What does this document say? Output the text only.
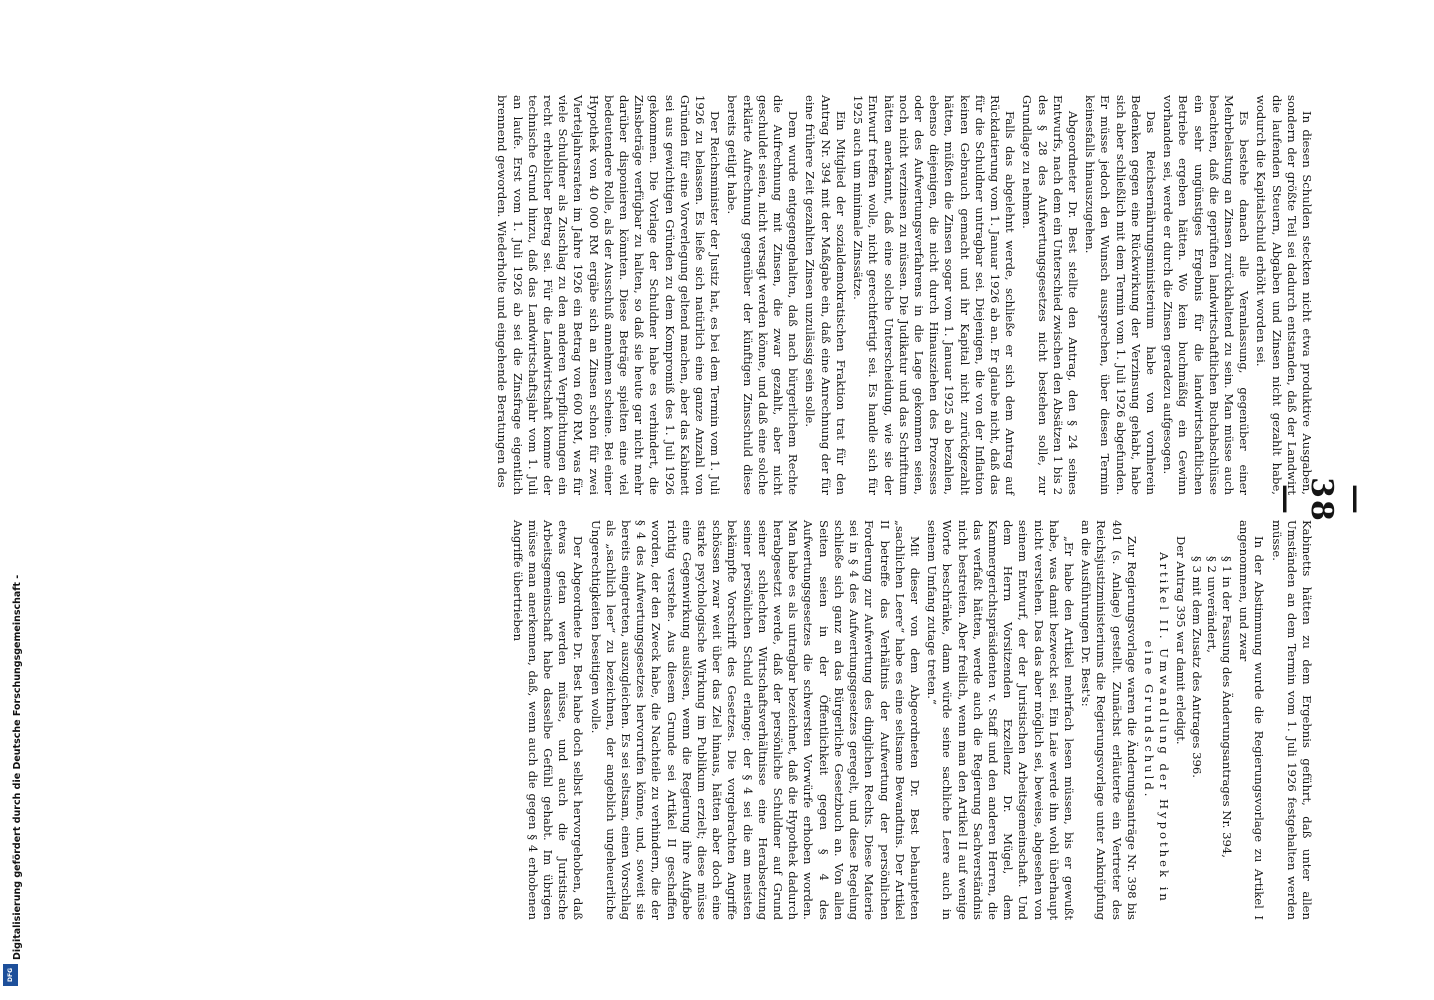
— 38 —

In diesen Schulden steckten nicht etwa produktive Ausgaben, sondern der größte Teil sei dadurch entstanden, daß der Landwirt die laufenden Steuern, Abgaben und Zinsen nicht gezahlt habe, wodurch die Kapitalschuld erhöht worden sei.

Es bestehe danach alle Veranlassung, gegenüber einer Mehrbelastung an Zinsen zurückhaltend zu sein. Man müsse auch beachten, daß die geprüften landwirtschaftlichen Buchabschlüsse ein sehr ungünstiges Ergebnis für die landwirtschaftlichen Betriebe ergeben hätten. Wo kein buchmäßig ein Gewinn vorhanden sei, werde er durch die Zinsen geradezu aufgesogen.

Das Reichsernährungsministerium habe von vornherein Bedenken gegen eine Rückwirkung der Verzinsung gehabt, habe sich aber schließlich mit dem Termin vom 1. Juli 1926 abgefunden. Er müsse jedoch den Wunsch aussprechen, über diesen Termin keinesfalls hinauszugehen.

Abgeordneter Dr. Best stellte den Antrag, den § 24 seines Entwurfs, nach dem ein Unterschied zwischen den Absätzen 1 bis 2 des § 28 des Aufwertungsgesetzes nicht bestehen solle, zur Grundlage zu nehmen.

Falls das abgelehnt werde, schließe er sich dem Antrag auf Rückdatierung vom 1. Januar 1926 ab an. Er glaube nicht, daß das für die Schuldner untragbar sei. Diejenigen, die von der Inflation keinen Gebrauch gemacht und ihr Kapital nicht zurückgezahlt hätten, müßten die Zinsen sogar vom 1. Januar 1925 ab bezahlen, ebenso diejenigen, die nicht durch Hinausziehen des Prozesses oder des Aufwertungsverfahrens in die Lage gekommen seien, noch nicht verzinsen zu müssen. Die Judikatur und das Schrifttum hätten anerkannt, daß eine solche Unterscheidung, wie sie der Entwurf treffen wolle, nicht gerechtfertigt sei. Es handle sich für 1925 auch um minimale Zinssätze.

Ein Mitglied der sozialdemokratischen Fraktion trat für den Antrag Nr. 394 mit der Maßgabe ein, daß eine Anrechnung der für eine frühere Zeit gezahlten Zinsen unzulässig sein solle.

Dem wurde entgegengehalten, daß nach bürgerlichem Rechte die Aufrechnung mit Zinsen, die zwar gezahlt, aber nicht geschuldet seien, nicht versagt werden könne, und daß eine solche erklärte Aufrechnung gegenüber der künftigen Zinsschuld diese bereits getilgt habe.

Der Reichsminister der Justiz hat, es bei dem Termin vom 1. Juli 1926 zu belassen. Es ließe sich natürlich eine ganze Anzahl von Gründen für eine Vorverlegung geltend machen, aber das Kabinett sei aus gewichtigen Gründen zu dem Kompromiß des 1. Juli 1926 gekommen. Die Vorlage der Schuldner habe es verhindert, die Zinsbeträge verfügbar zu halten, so daß sie heute gar nicht mehr darüber disponieren könnten. Diese Beträge spielten eine viel bedeutendere Rolle, als der Ausschuß annehmen scheine. Bei einer Hypothek von 40 000 RM ergäbe sich an Zinsen schon für zwei Vierteljahresraten im Jahre 1926 ein Betrag von 600 RM, was für viele Schuldner als Zuschlag zu den anderen Verpflichtungen ein recht erheblicher Betrag sei. Für die Landwirtschaft komme der technische Grund hinzu, daß das Landwirtschaftsjahr vom 1. Juli an laufe. Erst vom 1. Juli 1926 ab sei die Zinsfrage eigentlich brennend geworden. Wiederholte und eingehende Beratungen des

Kabinetts hätten zu dem Ergebnis geführt, daß unter allen Umständen an dem Termin vom 1. Juli 1926 festgehalten werden müsse.

In der Abstimmung wurde die Regierungsvorlage zu Artikel I angenommen, und zwar

§ 1 in der Fassung des Änderungsantrages Nr. 394,

§ 2 unverändert,

§ 3 mit dem Zusatz des Antrages 396.

Der Antrag 395 war damit erledigt.

Artikel II. Umwandlung der Hypothek in eine Grundschuld.

Zur Regierungsvorlage waren die Änderungsanträge Nr. 398 bis 401 (s. Anlage) gestellt. Zunächst erläuterte ein Vertreter des Reichsjustizministeriums die Regierungsvorlage unter Anknüpfung an die Ausführungen Dr. Best's:

„Er habe den Artikel mehrfach lesen müssen, bis er gewußt habe, was damit bezweckt sei. Ein Laie werde ihn wohl überhaupt nicht verstehen. Das das aber möglich sei, beweise, abgesehen von seinem Entwurf, der der Juristischen Arbeitsgemeinschaft. Und dem Herrn Vorsitzenden Exzellenz Dr. Mügel, dem Kammergerichtspräsidenten v. Staff und den anderen Herren, die das verfaßt hätten, werde auch die Regierung Sachverständnis nicht bestreiten. Aber freilich, wenn man den Artikel II auf wenige Worte beschränke, dann würde seine sachliche Leere auch in seinem Umfang zutage treten.“

Mit dieser von dem Abgeordneten Dr. Best behaupteten „sachlichen Leere“ habe es eine seltsame Bewandtnis. Der Artikel II betreffe das Verhältnis der Aufwertung der persönlichen Forderung zur Aufwertung des dinglichen Rechts. Diese Materie sei in § 4 des Aufwertungsgesetzes geregelt, und diese Regelung schließe sich ganz an das Bürgerliche Gesetzbuch an. Von allen Seiten seien in der Öffentlichkeit gegen § 4 des Aufwertungsgesetzes die schwersten Vorwürfe erhoben worden. Man habe es als untragbar bezeichnet, daß die Hypothek dadurch herabgesetzt werde, daß der persönliche Schuldner auf Grund seiner schlechten Wirtschaftsverhältnisse eine Herabsetzung seiner persönlichen Schuld erlange; der § 4 sei die am meisten bekämpfte Vorschrift des Gesetzes. Die vorgebrachten Angriffe schössen zwar weit über das Ziel hinaus, hätten aber doch eine starke psychologische Wirkung im Publikum erzielt; diese müsse eine Gegenwirkung auslösen, wenn die Regierung ihre Aufgabe richtig verstehe. Aus diesem Grunde sei Artikel II geschaffen worden, der den Zweck habe, die Nachteile zu verhindern, die der § 4 des Aufwertungsgesetzes hervorrufen könne, und, soweit sie bereits eingetreten, auszugleichen. Es sei seltsam, einen Vorschlag als „sachlich leer“ zu bezeichnen, der angeblich ungeheuerliche Ungerechtigkeiten beseitigen wolle.

Der Abgeordnete Dr. Best habe doch selbst hervorgehoben, daß etwas getan werden müsse, und auch die Juristische Arbeitsgemeinschaft habe dasselbe Gefühl gehabt. Im übrigen müsse man anerkennen, daß, wenn auch die gegen § 4 erhobenen Angriffe übertrieben

Digitalisierung gefördert durch die Deutsche Forschungsgemeinschaft -
DFG
